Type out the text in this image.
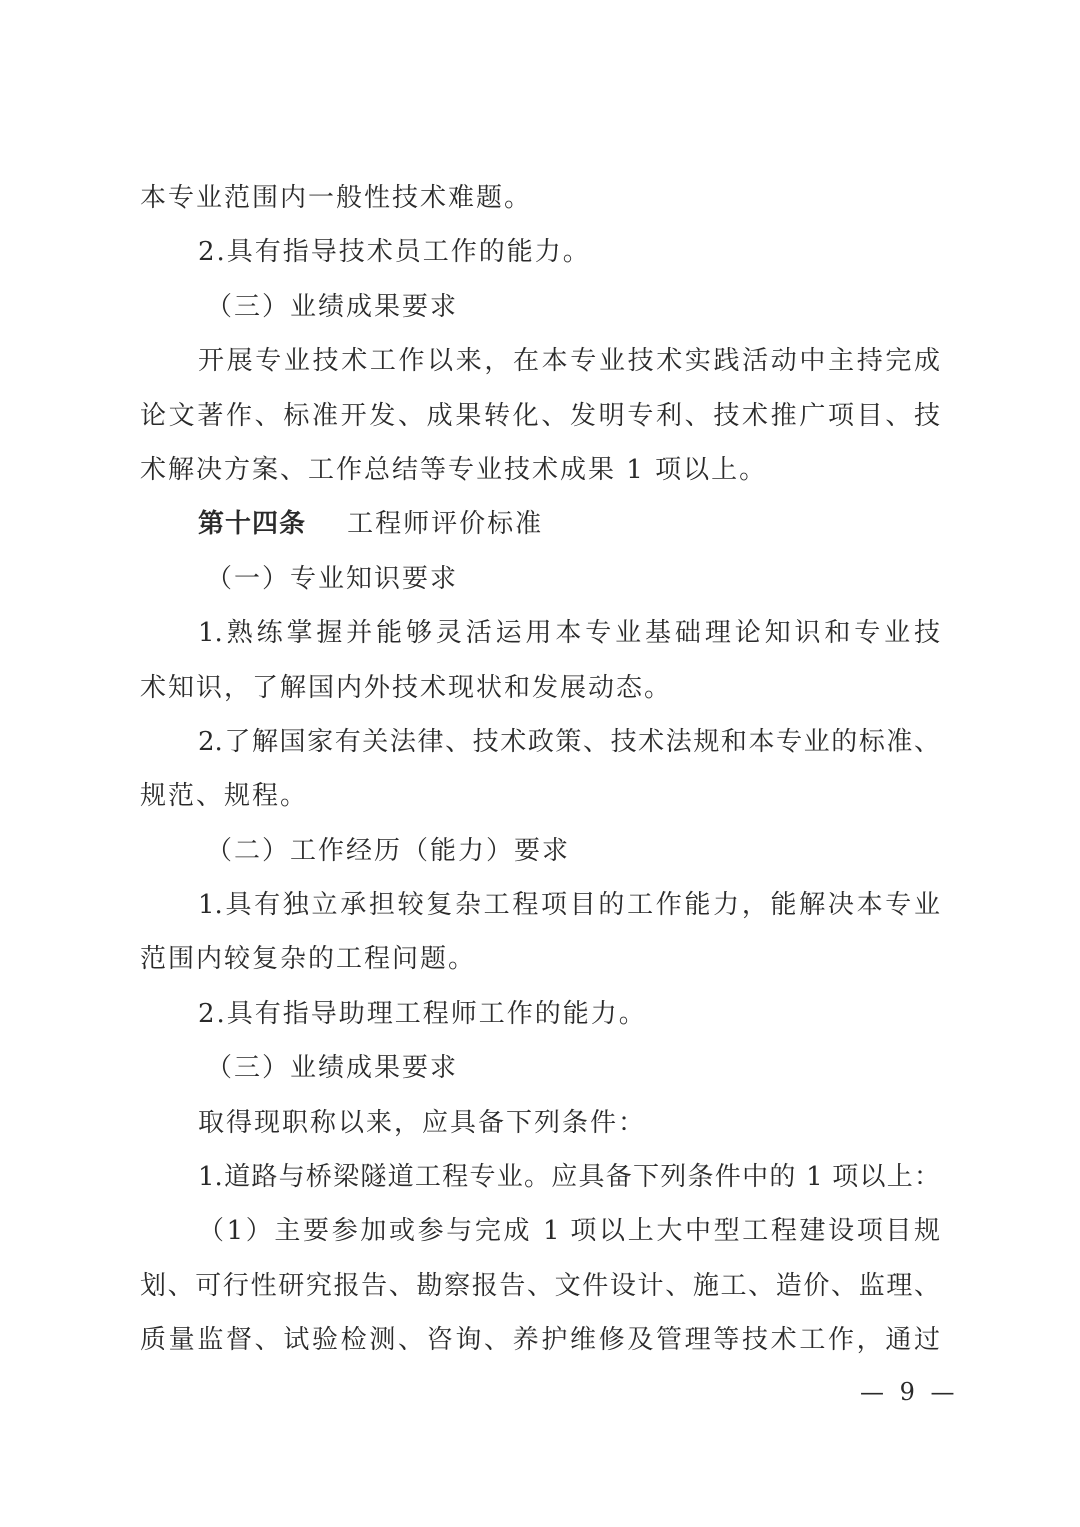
本专业范围内一般性技术难题。
2.具有指导技术员工作的能力。
（三）业绩成果要求
开展专业技术工作以来，在本专业技术实践活动中主持完成
论文著作、标准开发、成果转化、发明专利、技术推广项目、技
术解决方案、工作总结等专业技术成果 1 项以上。
第十四条 工程师评价标准
（一）专业知识要求
1.熟练掌握并能够灵活运用本专业基础理论知识和专业技
术知识，了解国内外技术现状和发展动态。
2.了解国家有关法律、技术政策、技术法规和本专业的标准、
规范、规程。
（二）工作经历（能力）要求
1.具有独立承担较复杂工程项目的工作能力，能解决本专业
范围内较复杂的工程问题。
2.具有指导助理工程师工作的能力。
（三）业绩成果要求
取得现职称以来，应具备下列条件：
1.道路与桥梁隧道工程专业。应具备下列条件中的 1 项以上：
（1）主要参加或参与完成 1 项以上大中型工程建设项目规
划、可行性研究报告、勘察报告、文件设计、施工、造价、监理、
质量监督、试验检测、咨询、养护维修及管理等技术工作，通过
— 9 —
